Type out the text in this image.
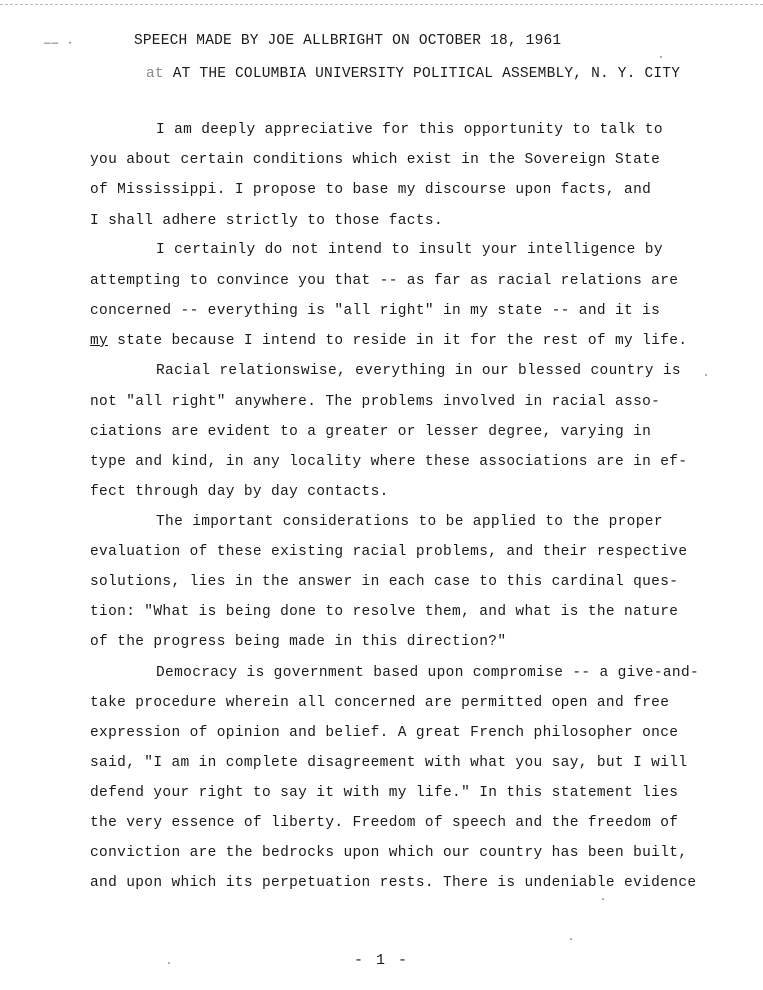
—— ·	SPEECH MADE BY JOE ALLBRIGHT ON OCTOBER 18, 1961
at AT THE COLUMBIA UNIVERSITY POLITICAL ASSEMBLY, N. Y. CITY
I am deeply appreciative for this opportunity to talk to
you about certain conditions which exist in the Sovereign State
of Mississippi. I propose to base my discourse upon facts, and
I shall adhere strictly to those facts.
I certainly do not intend to insult your intelligence by
attempting to convince you that -- as far as racial relations are
concerned -- everything is "all right" in my state -- and it is
my state because I intend to reside in it for the rest of my life.
Racial relationswise, everything in our blessed country is
not "all right" anywhere. The problems involved in racial asso-
ciations are evident to a greater or lesser degree, varying in
type and kind, in any locality where these associations are in ef-
fect through day by day contacts.
The important considerations to be applied to the proper
evaluation of these existing racial problems, and their respective
solutions, lies in the answer in each case to this cardinal ques-
tion: "What is being done to resolve them, and what is the nature
of the progress being made in this direction?"
Democracy is government based upon compromise -- a give-and-
take procedure wherein all concerned are permitted open and free
expression of opinion and belief. A great French philosopher once
said, "I am in complete disagreement with what you say, but I will
defend your right to say it with my life." In this statement lies
the very essence of liberty. Freedom of speech and the freedom of
conviction are the bedrocks upon which our country has been built,
and upon which its perpetuation rests. There is undeniable evidence
- 1 -
